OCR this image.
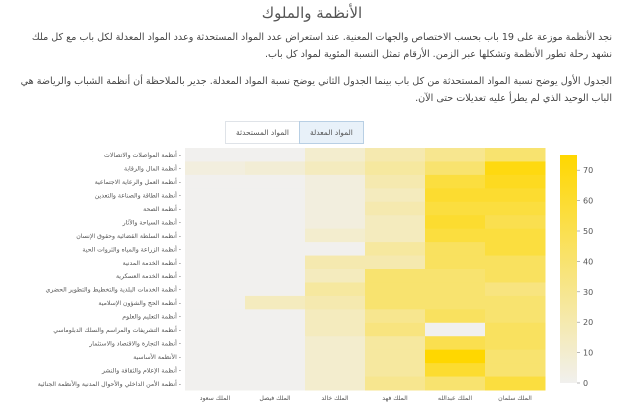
الأنظمة والملوك
نجد الأنظمة موزعة على 19 باب بحسب الاختصاص والجهات المعنية. عند استعراض عدد المواد المستحدثة وعدد المواد المعدلة لكل باب مع كل ملك نشهد رحلة تطور الأنظمة وتشكلها عبر الزمن. الأرقام تمثل النسبة المئوية لمواد كل باب.
الجدول الأول يوضح نسبة المواد المستحدثة من كل باب بينما الجدول الثاني يوضح نسبة المواد المعدلة. جدير بالملاحظة أن أنظمة الشباب والرياضة هي الباب الوحيد الذي لم يطرأ عليه تعديلات حتى الآن.
المواد المعدلة
المواد المستحدثة
أنظمة المواصلات والاتصالات -
أنظمة المال والرقابة -
أنظمة العمل والرعاية الاجتماعية -
أنظمة الطاقة والصناعة والتعدين -
أنظمة الصحة -
أنظمة السياحة والآثار -
أنظمة السلطة القضائية وحقوق الإنسان -
أنظمة الزراعة والمياه والثروات الحية -
أنظمة الخدمة المدنية -
أنظمة الخدمة العسكرية -
أنظمة الخدمات البلدية والتخطيط والتطوير الحضري -
أنظمة الحج والشؤون الإسلامية -
أنظمة التعليم والعلوم -
أنظمة التشريفات والمراسم والسلك الدبلوماسي -
أنظمة التجارة والاقتصاد والاستثمار -
الأنظمة الأساسية -
أنظمة الإعلام والثقافة والنشر -
أنظمة الأمن الداخلي والأحوال المدنية والأنظمة الجنائية -
الملك سعود	الملك فيصل	الملك خالد	الملك فهد	الملك عبدالله	الملك سلمان
0
10
20
30
40
50
60
70
